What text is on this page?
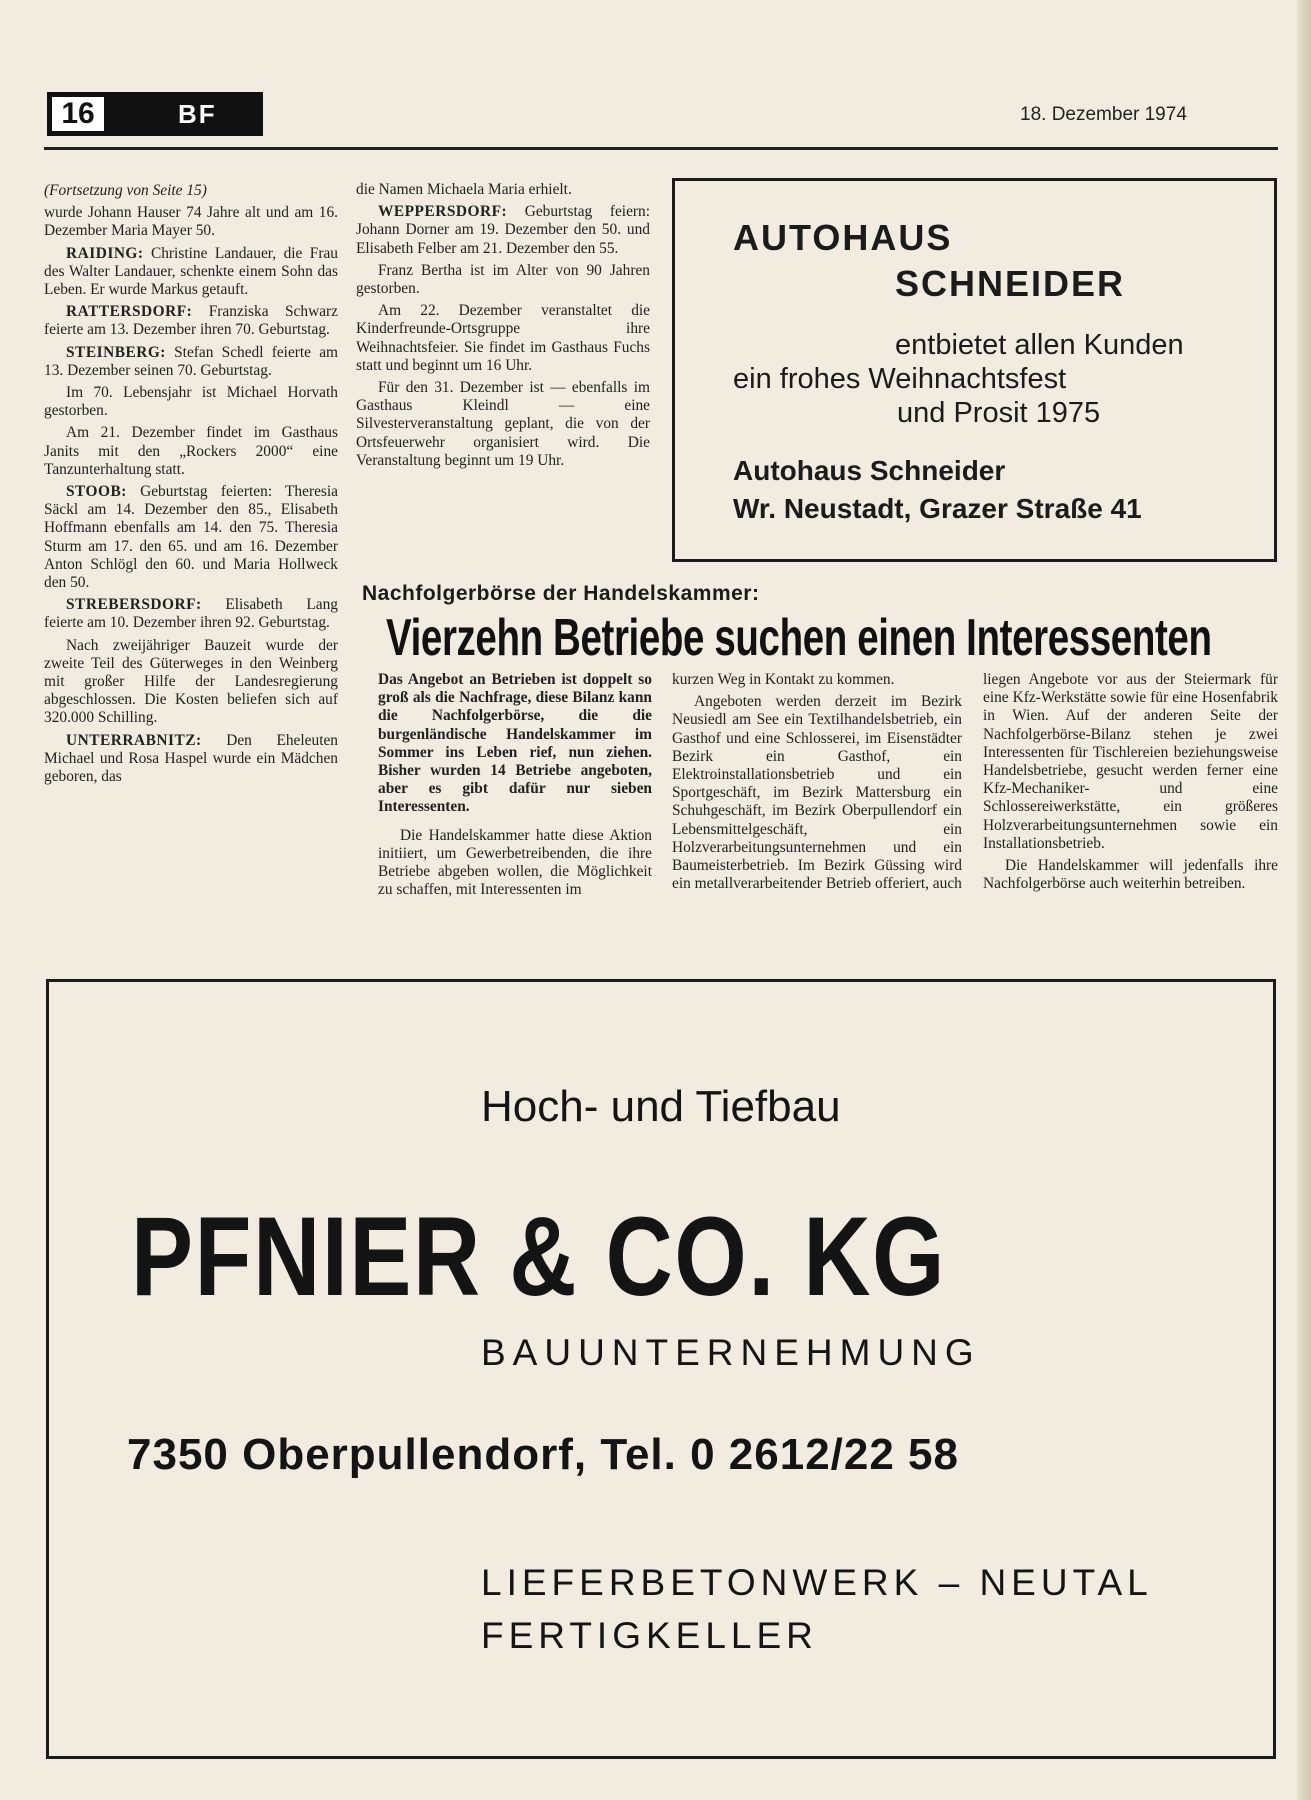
16	BF	18. Dezember 1974

(Fortsetzung von Seite 15)

wurde Johann Hauser 74 Jahre alt und am 16. Dezember Maria Mayer 50.

RAIDING: Christine Landauer, die Frau des Walter Landauer, schenkte einem Sohn das Leben. Er wurde Markus getauft.

RATTERSDORF: Franziska Schwarz feierte am 13. Dezember ihren 70. Geburtstag.

STEINBERG: Stefan Schedl feierte am 13. Dezember seinen 70. Geburtstag.

Im 70. Lebensjahr ist Michael Horvath gestorben.

Am 21. Dezember findet im Gasthaus Janits mit den „Rockers 2000“ eine Tanzunterhaltung statt.

STOOB: Geburtstag feierten: Theresia Säckl am 14. Dezember den 85., Elisabeth Hoffmann ebenfalls am 14. den 75. Theresia Sturm am 17. den 65. und am 16. Dezember Anton Schlögl den 60. und Maria Hollweck den 50.

STREBERSDORF: Elisabeth Lang feierte am 10. Dezember ihren 92. Geburtstag.

Nach zweijähriger Bauzeit wurde der zweite Teil des Güterweges in den Weinberg mit großer Hilfe der Landesregierung abgeschlossen. Die Kosten beliefen sich auf 320.000 Schilling.

UNTERRABNITZ: Den Eheleuten Michael und Rosa Haspel wurde ein Mädchen geboren, das

die Namen Michaela Maria erhielt.

WEPPERSDORF: Geburtstag feiern: Johann Dorner am 19. Dezember den 50. und Elisabeth Felber am 21. Dezember den 55.

Franz Bertha ist im Alter von 90 Jahren gestorben.

Am 22. Dezember veranstaltet die Kinderfreunde-Ortsgruppe ihre Weihnachtsfeier. Sie findet im Gasthaus Fuchs statt und beginnt um 16 Uhr.

Für den 31. Dezember ist — ebenfalls im Gasthaus Kleindl — eine Silvesterveranstaltung geplant, die von der Ortsfeuerwehr organisiert wird. Die Veranstaltung beginnt um 19 Uhr.

AUTOHAUS
SCHNEIDER
entbietet allen Kunden
ein frohes Weihnachtsfest
und Prosit 1975
Autohaus Schneider
Wr. Neustadt, Grazer Straße 41
Nachfolgerbörse der Handelskammer:
Vierzehn Betriebe suchen einen Interessenten

Das Angebot an Betrieben ist doppelt so groß als die Nachfrage, diese Bilanz kann die Nachfolgerbörse, die die burgenländische Handelskammer im Sommer ins Leben rief, nun ziehen. Bisher wurden 14 Betriebe angeboten, aber es gibt dafür nur sieben Interessenten.

Die Handelskammer hatte diese Aktion initiiert, um Gewerbetreibenden, die ihre Betriebe abgeben wollen, die Möglichkeit zu schaffen, mit Interessenten im

kurzen Weg in Kontakt zu kommen.

Angeboten werden derzeit im Bezirk Neusiedl am See ein Textilhandelsbetrieb, ein Gasthof und eine Schlosserei, im Eisenstädter Bezirk ein Gasthof, ein Elektroinstallationsbetrieb und ein Sportgeschäft, im Bezirk Mattersburg ein Schuhgeschäft, im Bezirk Oberpullendorf ein Lebensmittelgeschäft, ein Holzverarbeitungsunternehmen und ein Baumeisterbetrieb. Im Bezirk Güssing wird ein metallverarbeitender Betrieb offeriert, auch

liegen Angebote vor aus der Steiermark für eine Kfz-Werkstätte sowie für eine Hosenfabrik in Wien. Auf der anderen Seite der Nachfolgerbörse-Bilanz stehen je zwei Interessenten für Tischlereien beziehungsweise Handelsbetriebe, gesucht werden ferner eine Kfz-Mechaniker- und eine Schlossereiwerkstätte, ein größeres Holzverarbeitungsunternehmen sowie ein Installationsbetrieb.

Die Handelskammer will jedenfalls ihre Nachfolgerbörse auch weiterhin betreiben.

Hoch- und Tiefbau
PFNIER & CO. KG
BAUUNTERNEHMUNG
7350 Oberpullendorf, Tel. 0 2612/22 58
LIEFERBETONWERK – NEUTAL
FERTIGKELLER
